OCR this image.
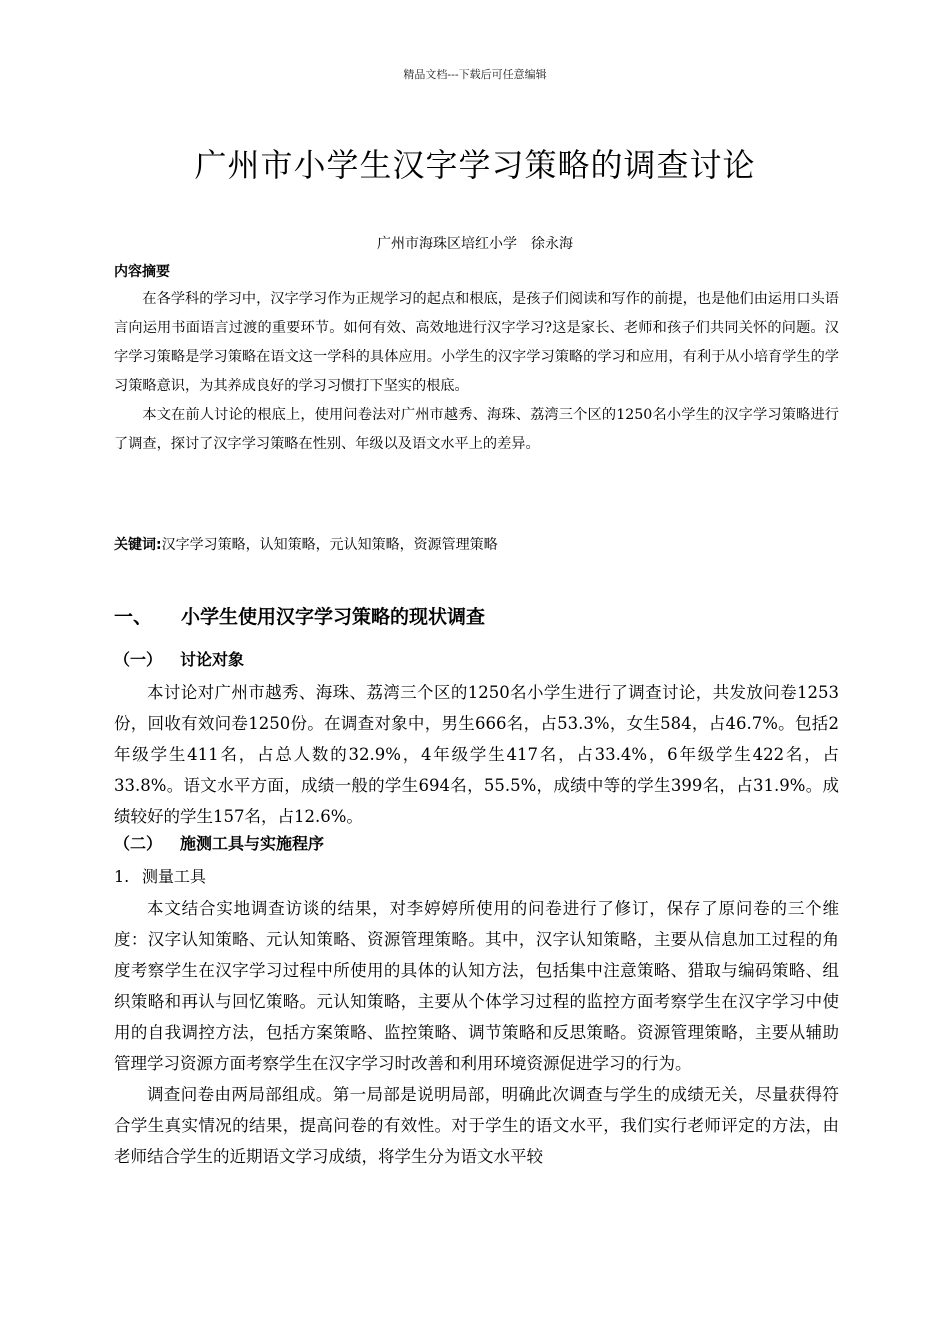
精品文档---下载后可任意编辑
广州市小学生汉字学习策略的调查讨论
广州市海珠区培红小学 徐永海
内容摘要

在各学科的学习中，汉字学习作为正规学习的起点和根底，是孩子们阅读和写作的前提，也是他们由运用口头语言向运用书面语言过渡的重要环节。如何有效、高效地进行汉字学习?这是家长、老师和孩子们共同关怀的问题。汉字学习策略是学习策略在语文这一学科的具体应用。小学生的汉字学习策略的学习和应用，有利于从小培育学生的学习策略意识，为其养成良好的学习习惯打下坚实的根底。

本文在前人讨论的根底上，使用问卷法对广州市越秀、海珠、荔湾三个区的1250名小学生的汉字学习策略进行了调查，探讨了汉字学习策略在性别、年级以及语文水平上的差异。

关键词:汉字学习策略，认知策略，元认知策略，资源管理策略
一、 小学生使用汉字学习策略的现状调查
（一） 讨论对象

本讨论对广州市越秀、海珠、荔湾三个区的1250名小学生进行了调查讨论，共发放问卷1253份，回收有效问卷1250份。在调查对象中，男生666名，占53.3%，女生584，占46.7%。包括2年级学生411名，占总人数的32.9%，4年级学生417名，占33.4%，6年级学生422名，占33.8%。语文水平方面，成绩一般的学生694名，55.5%，成绩中等的学生399名，占31.9%。成绩较好的学生157名，占12.6%。

（二） 施测工具与实施程序
1. 测量工具

本文结合实地调查访谈的结果，对李婷婷所使用的问卷进行了修订，保存了原问卷的三个维度：汉字认知策略、元认知策略、资源管理策略。其中，汉字认知策略，主要从信息加工过程的角度考察学生在汉字学习过程中所使用的具体的认知方法，包括集中注意策略、猎取与编码策略、组织策略和再认与回忆策略。元认知策略，主要从个体学习过程的监控方面考察学生在汉字学习中使用的自我调控方法，包括方案策略、监控策略、调节策略和反思策略。资源管理策略，主要从辅助管理学习资源方面考察学生在汉字学习时改善和利用环境资源促进学习的行为。

调查问卷由两局部组成。第一局部是说明局部，明确此次调查与学生的成绩无关，尽量获得符合学生真实情况的结果，提高问卷的有效性。对于学生的语文水平，我们实行老师评定的方法，由老师结合学生的近期语文学习成绩，将学生分为语文水平较
